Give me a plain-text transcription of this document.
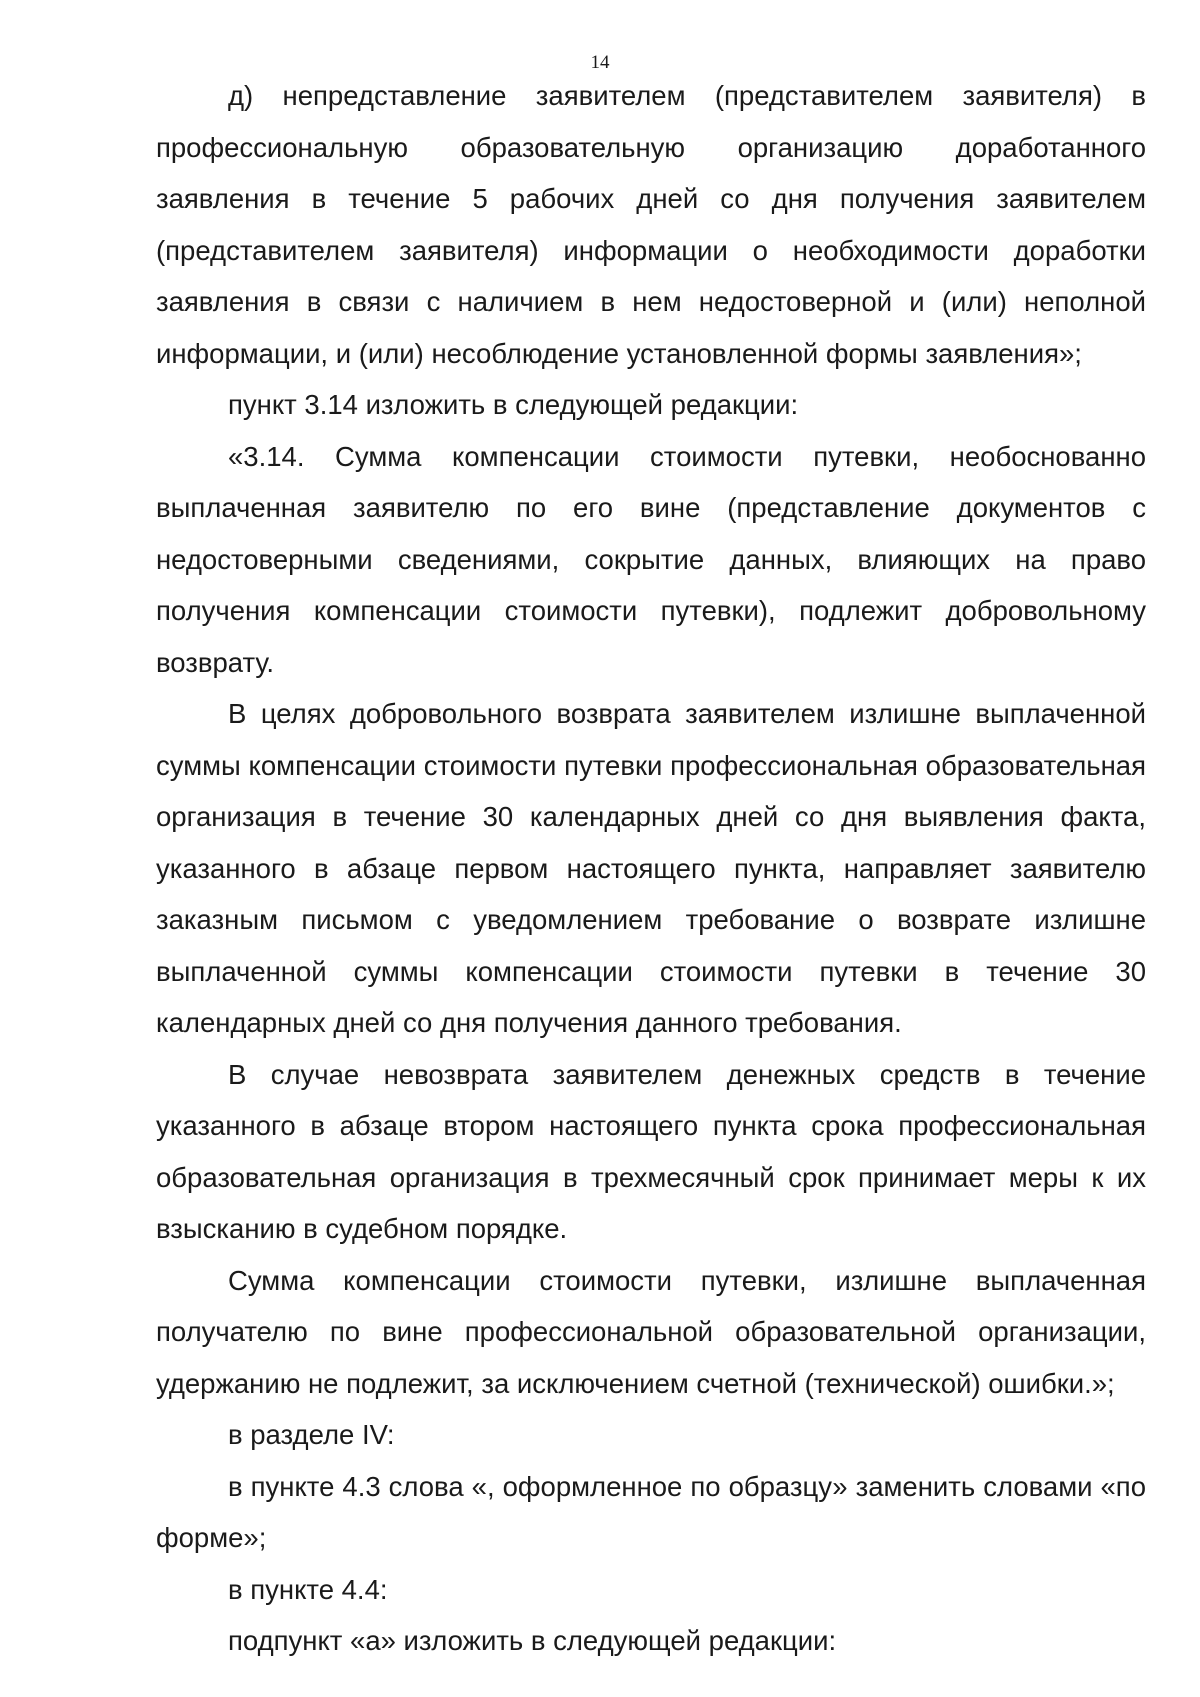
14

д) непредставление заявителем (представителем заявителя) в профессиональную образовательную организацию доработанного заявления в течение 5 рабочих дней со дня получения заявителем (представителем заявителя) информации о необходимости доработки заявления в связи с наличием в нем недостоверной и (или) неполной информации, и (или) несоблюдение установленной формы заявления»;

пункт 3.14 изложить в следующей редакции:

«3.14. Сумма компенсации стоимости путевки, необоснованно выплаченная заявителю по его вине (представление документов с недостоверными сведениями, сокрытие данных, влияющих на право получения компенсации стоимости путевки), подлежит добровольному возврату.

В целях добровольного возврата заявителем излишне выплаченной суммы компенсации стоимости путевки профессиональная образовательная организация в течение 30 календарных дней со дня выявления факта, указанного в абзаце первом настоящего пункта, направляет заявителю заказным письмом с уведомлением требование о возврате излишне выплаченной суммы компенсации стоимости путевки в течение 30 календарных дней со дня получения данного требования.

В случае невозврата заявителем денежных средств в течение указанного в абзаце втором настоящего пункта срока профессиональная образовательная организация в трехмесячный срок принимает меры к их взысканию в судебном порядке.

Сумма компенсации стоимости путевки, излишне выплаченная получателю по вине профессиональной образовательной организации, удержанию не подлежит, за исключением счетной (технической) ошибки.»;

в разделе IV:

в пункте 4.3 слова «, оформленное по образцу» заменить словами «по форме»;

в пункте 4.4:

подпункт «а» изложить в следующей редакции:
